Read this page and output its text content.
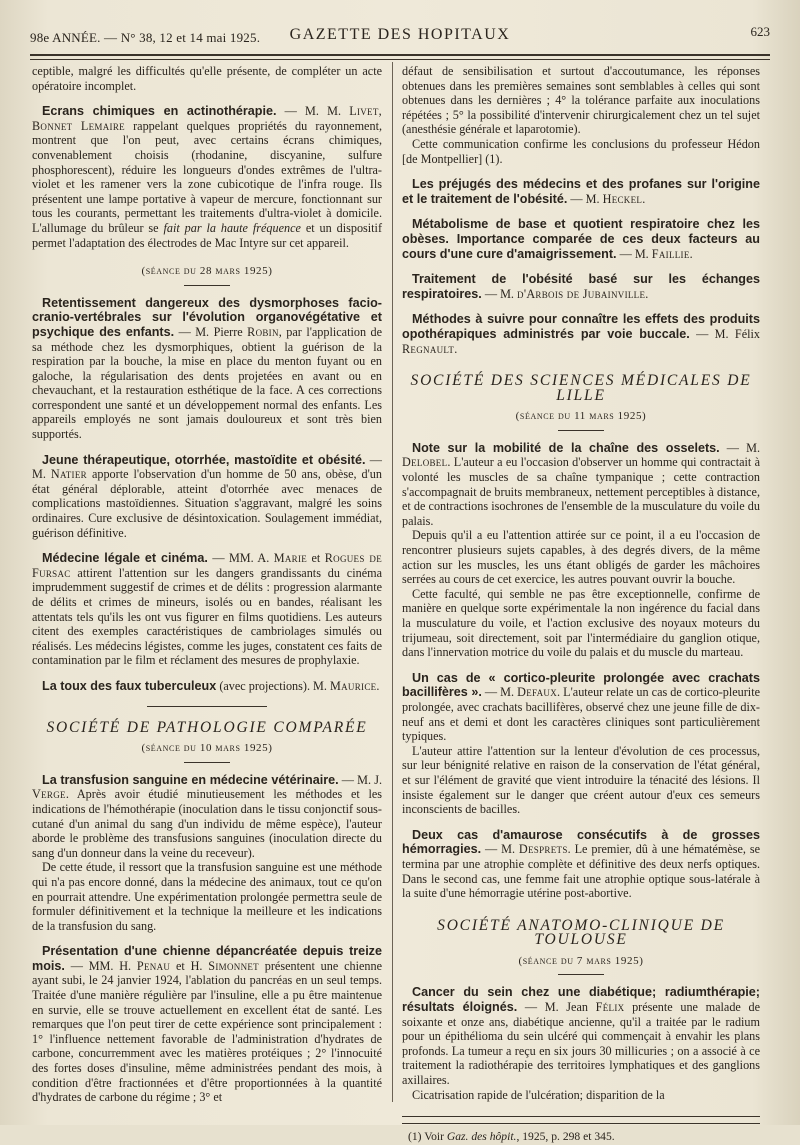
98e ANNÉE. — N° 38, 12 et 14 mai 1925.	GAZETTE DES HOPITAUX	623

ceptible, malgré les difficultés qu'elle présente, de compléter un acte opératoire incomplet.

Ecrans chimiques en actinothérapie. — M. M. Livet, Bonnet Lemaire rappelant quelques propriétés du rayonnement, montrent que l'on peut, avec certains écrans chimiques, convenablement choisis (rhodanine, discyanine, sulfure phosphorescent), réduire les longueurs d'ondes extrêmes de l'ultra-violet et les ramener vers la zone cubicotique de l'infra rouge. Ils présentent une lampe portative à vapeur de mercure, fonctionnant sur tous les courants, permettant les traitements d'ultra-violet à domicile. L'allumage du brûleur se fait par la haute fréquence et un dispositif permet l'adaptation des électrodes de Mac Intyre sur cet appareil.

(séance du 28 mars 1925)

Retentissement dangereux des dysmorphoses facio-cranio-vertébrales sur l'évolution organovégétative et psychique des enfants. — M. Pierre Robin, par l'application de sa méthode chez les dysmorphiques, obtient la guérison de la respiration par la bouche, la mise en place du menton fuyant ou en galoche, la régularisation des dents projetées en avant ou en chevauchant, et la restauration esthétique de la face. A ces corrections correspondent une santé et un développement normal des enfants. Les appareils employés ne sont jamais douloureux et sont très bien supportés.

Jeune thérapeutique, otorrhée, mastoïdite et obésité. — M. Natier apporte l'observation d'un homme de 50 ans, obèse, d'un état général déplorable, atteint d'otorrhée avec menaces de complications mastoïdiennes. Situation s'aggravant, malgré les soins ordinaires. Cure exclusive de désintoxication. Soulagement immédiat, guérison définitive.

Médecine légale et cinéma. — MM. A. Marie et Rogues de Fursac attirent l'attention sur les dangers grandissants du cinéma imprudemment suggestif de crimes et de délits : progression alarmante de délits et crimes de mineurs, isolés ou en bandes, réalisant les attentats tels qu'ils les ont vus figurer en films quotidiens. Les auteurs citent des exemples caractéristiques de cambriolages simulés ou réalisés. Les médecins légistes, comme les juges, constatent ces faits de contamination par le film et réclament des mesures de prophylaxie.

La toux des faux tuberculeux (avec projections). M. Maurice.

SOCIÉTÉ DE PATHOLOGIE COMPARÉE
(séance du 10 mars 1925)

La transfusion sanguine en médecine vétérinaire. — M. J. Verge. Après avoir étudié minutieusement les méthodes et les indications de l'hémothérapie (inoculation dans le tissu conjonctif sous-cutané d'un animal du sang d'un individu de même espèce), l'auteur aborde le problème des transfusions sanguines (inoculation directe du sang d'un donneur dans la veine du receveur).

De cette étude, il ressort que la transfusion sanguine est une méthode qui n'a pas encore donné, dans la médecine des animaux, tout ce qu'on en pourrait attendre. Une expérimentation prolongée permettra seule de formuler définitivement et la technique la meilleure et les indications de la transfusion du sang.

Présentation d'une chienne dépancréatée depuis treize mois. — MM. H. Penau et H. Simonnet présentent une chienne ayant subi, le 24 janvier 1924, l'ablation du pancréas en un seul temps. Traitée d'une manière régulière par l'insuline, elle a pu être maintenue en survie, elle se trouve actuellement en excellent état de santé. Les remarques que l'on peut tirer de cette expérience sont principalement : 1° l'influence nettement favorable de l'administration d'hydrates de carbone, concurremment avec les matières protéiques ; 2° l'innocuité des fortes doses d'insuline, même administrées pendant des mois, à condition d'être fractionnées et d'être proportionnées à la quantité d'hydrates de carbone du régime ; 3° et

défaut de sensibilisation et surtout d'accoutumance, les réponses obtenues dans les premières semaines sont semblables à celles qui sont obtenues dans les dernières ; 4° la tolérance parfaite aux inoculations répétées ; 5° la possibilité d'intervenir chirurgicalement chez un tel sujet (anesthésie générale et laparotomie).

Cette communication confirme les conclusions du professeur Hédon [de Montpellier] (1).

Les préjugés des médecins et des profanes sur l'origine et le traitement de l'obésité. — M. Heckel.

Métabolisme de base et quotient respiratoire chez les obèses. Importance comparée de ces deux facteurs au cours d'une cure d'amaigrissement. — M. Faillie.

Traitement de l'obésité basé sur les échanges respiratoires. — M. d'Arbois de Jubainville.

Méthodes à suivre pour connaître les effets des produits opothérapiques administrés par voie buccale. — M. Félix Regnault.

SOCIÉTÉ DES SCIENCES MÉDICALES DE LILLE
(séance du 11 mars 1925)

Note sur la mobilité de la chaîne des osselets. — M. Delobel. L'auteur a eu l'occasion d'observer un homme qui contractait à volonté les muscles de sa chaîne tympanique ; cette contraction s'accompagnait de bruits membraneux, nettement perceptibles à distance, et de contractions isochrones de l'ensemble de la musculature du voile du palais.

Depuis qu'il a eu l'attention attirée sur ce point, il a eu l'occasion de rencontrer plusieurs sujets capables, à des degrés divers, de la même action sur les muscles, les uns étant obligés de garder les mâchoires serrées au cours de cet exercice, les autres pouvant ouvrir la bouche.

Cette faculté, qui semble ne pas être exceptionnelle, confirme de manière en quelque sorte expérimentale la non ingérence du facial dans la musculature du voile, et l'action exclusive des noyaux moteurs du trijumeau, soit directement, soit par l'intermédiaire du ganglion otique, dans l'innervation motrice du voile du palais et du muscle du marteau.

Un cas de « cortico-pleurite prolongée avec crachats bacillifères ». — M. Defaux. L'auteur relate un cas de cortico-pleurite prolongée, avec crachats bacillifères, observé chez une jeune fille de dix-neuf ans et demi et dont les caractères cliniques sont particulièrement typiques.

L'auteur attire l'attention sur la lenteur d'évolution de ces processus, sur leur bénignité relative en raison de la conservation de l'état général, et sur l'élément de gravité que vient introduire la ténacité des lésions. Il insiste également sur le danger que créent autour d'eux ces semeurs inconscients de bacilles.

Deux cas d'amaurose consécutifs à de grosses hémorragies. — M. Desprets. Le premier, dû à une hématémèse, se termina par une atrophie complète et définitive des deux nerfs optiques. Dans le second cas, une femme fait une atrophie optique sous-latérale à la suite d'une hémorragie utérine post-abortive.

SOCIÉTÉ ANATOMO-CLINIQUE DE TOULOUSE
(séance du 7 mars 1925)

Cancer du sein chez une diabétique; radiumthérapie; résultats éloignés. — M. Jean Félix présente une malade de soixante et onze ans, diabétique ancienne, qu'il a traitée par le radium pour un épithélioma du sein ulcéré qui commençait à envahir les plans profonds. La tumeur a reçu en six jours 30 millicuries ; on a associé à ce traitement la radiothérapie des territoires lymphatiques et des ganglions axillaires.

Cicatrisation rapide de l'ulcération; disparition de la

(1) Voir Gaz. des hôpit., 1925, p. 298 et 345.
